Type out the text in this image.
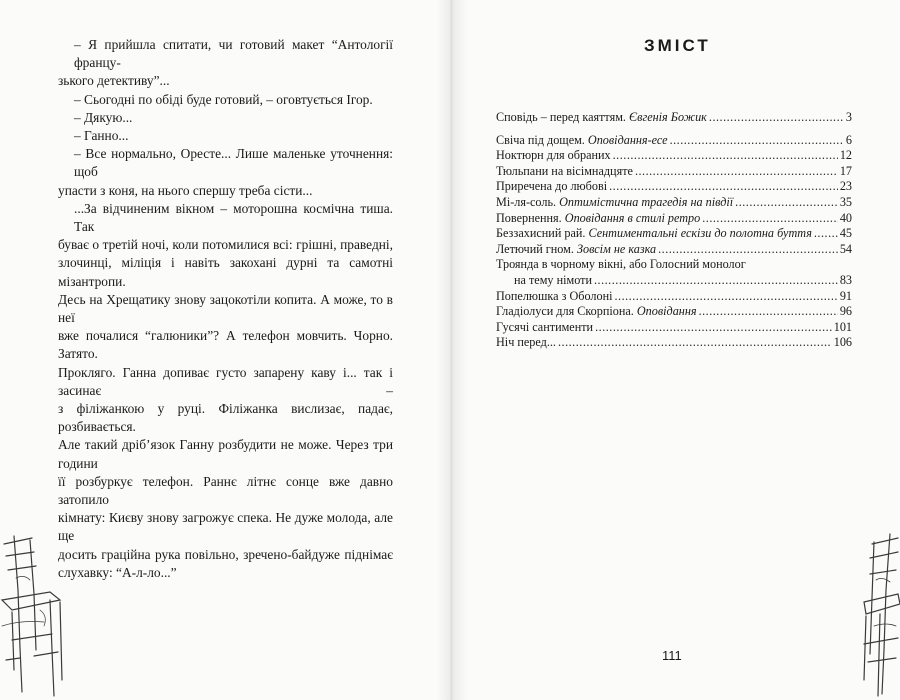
– Я прийшла спитати, чи готовий макет “Антології францу-
зького детективу”...
– Сьогодні по обіді буде готовий, – оговтується Ігор.
– Дякую...
– Ганно...
– Все нормально, Оресте... Лише маленьке уточнення: щоб
упасти з коня, на нього спершу треба сісти...
...За відчиненим вікном – моторошна космічна тиша. Так
буває о третій ночі, коли потомилися всі: грішні, праведні,
злочинці, міліція і навіть закохані дурні та самотні мізантропи.
Десь на Хрещатику знову зацокотіли копита. А може, то в неї
вже почалися “галюники”? А телефон мовчить. Чорно. Затято.
Прокляго. Ганна допиває густо запарену каву і... так і засинає –
з філіжанкою у руці. Філіжанка вислизає, падає, розбивається.
Але такий дріб’язок Ганну розбудити не може. Через три години
її розбуркує телефон. Раннє літнє сонце вже давно затопило
кімнату: Києву знову загрожує спека. Не дуже молода, але ще
досить граційна рука повільно, зречено-байдуже піднімає
слухавку: “А-л-ло...”
ЗМІСТ
Сповідь – перед каяттям. Євгенія Божик .....	3
Свіча під дощем. Оповідання-есе .....	6
Ноктюрн для обраних .....	12
Тюльпани на вісімнадцяте .....	17
Приречена до любові .....	23
Мі-ля-соль. Оптимістична трагедія на півдії .....	35
Повернення. Оповідання в стилі ретро .....	40
Беззахисний рай. Сентиментальні ескізи до полотна буття ..... 45
Летючий гном. Зовсім не казка .....	54
Троянда в чорному вікні, або Голосний монолог
на тему німоти .....	83
Попелюшка з Оболоні .....	91
Гладіолуси для Скорпіона. Оповідання .....	96
Гусячі сантименти .....	101
Ніч перед... .....	106
111
